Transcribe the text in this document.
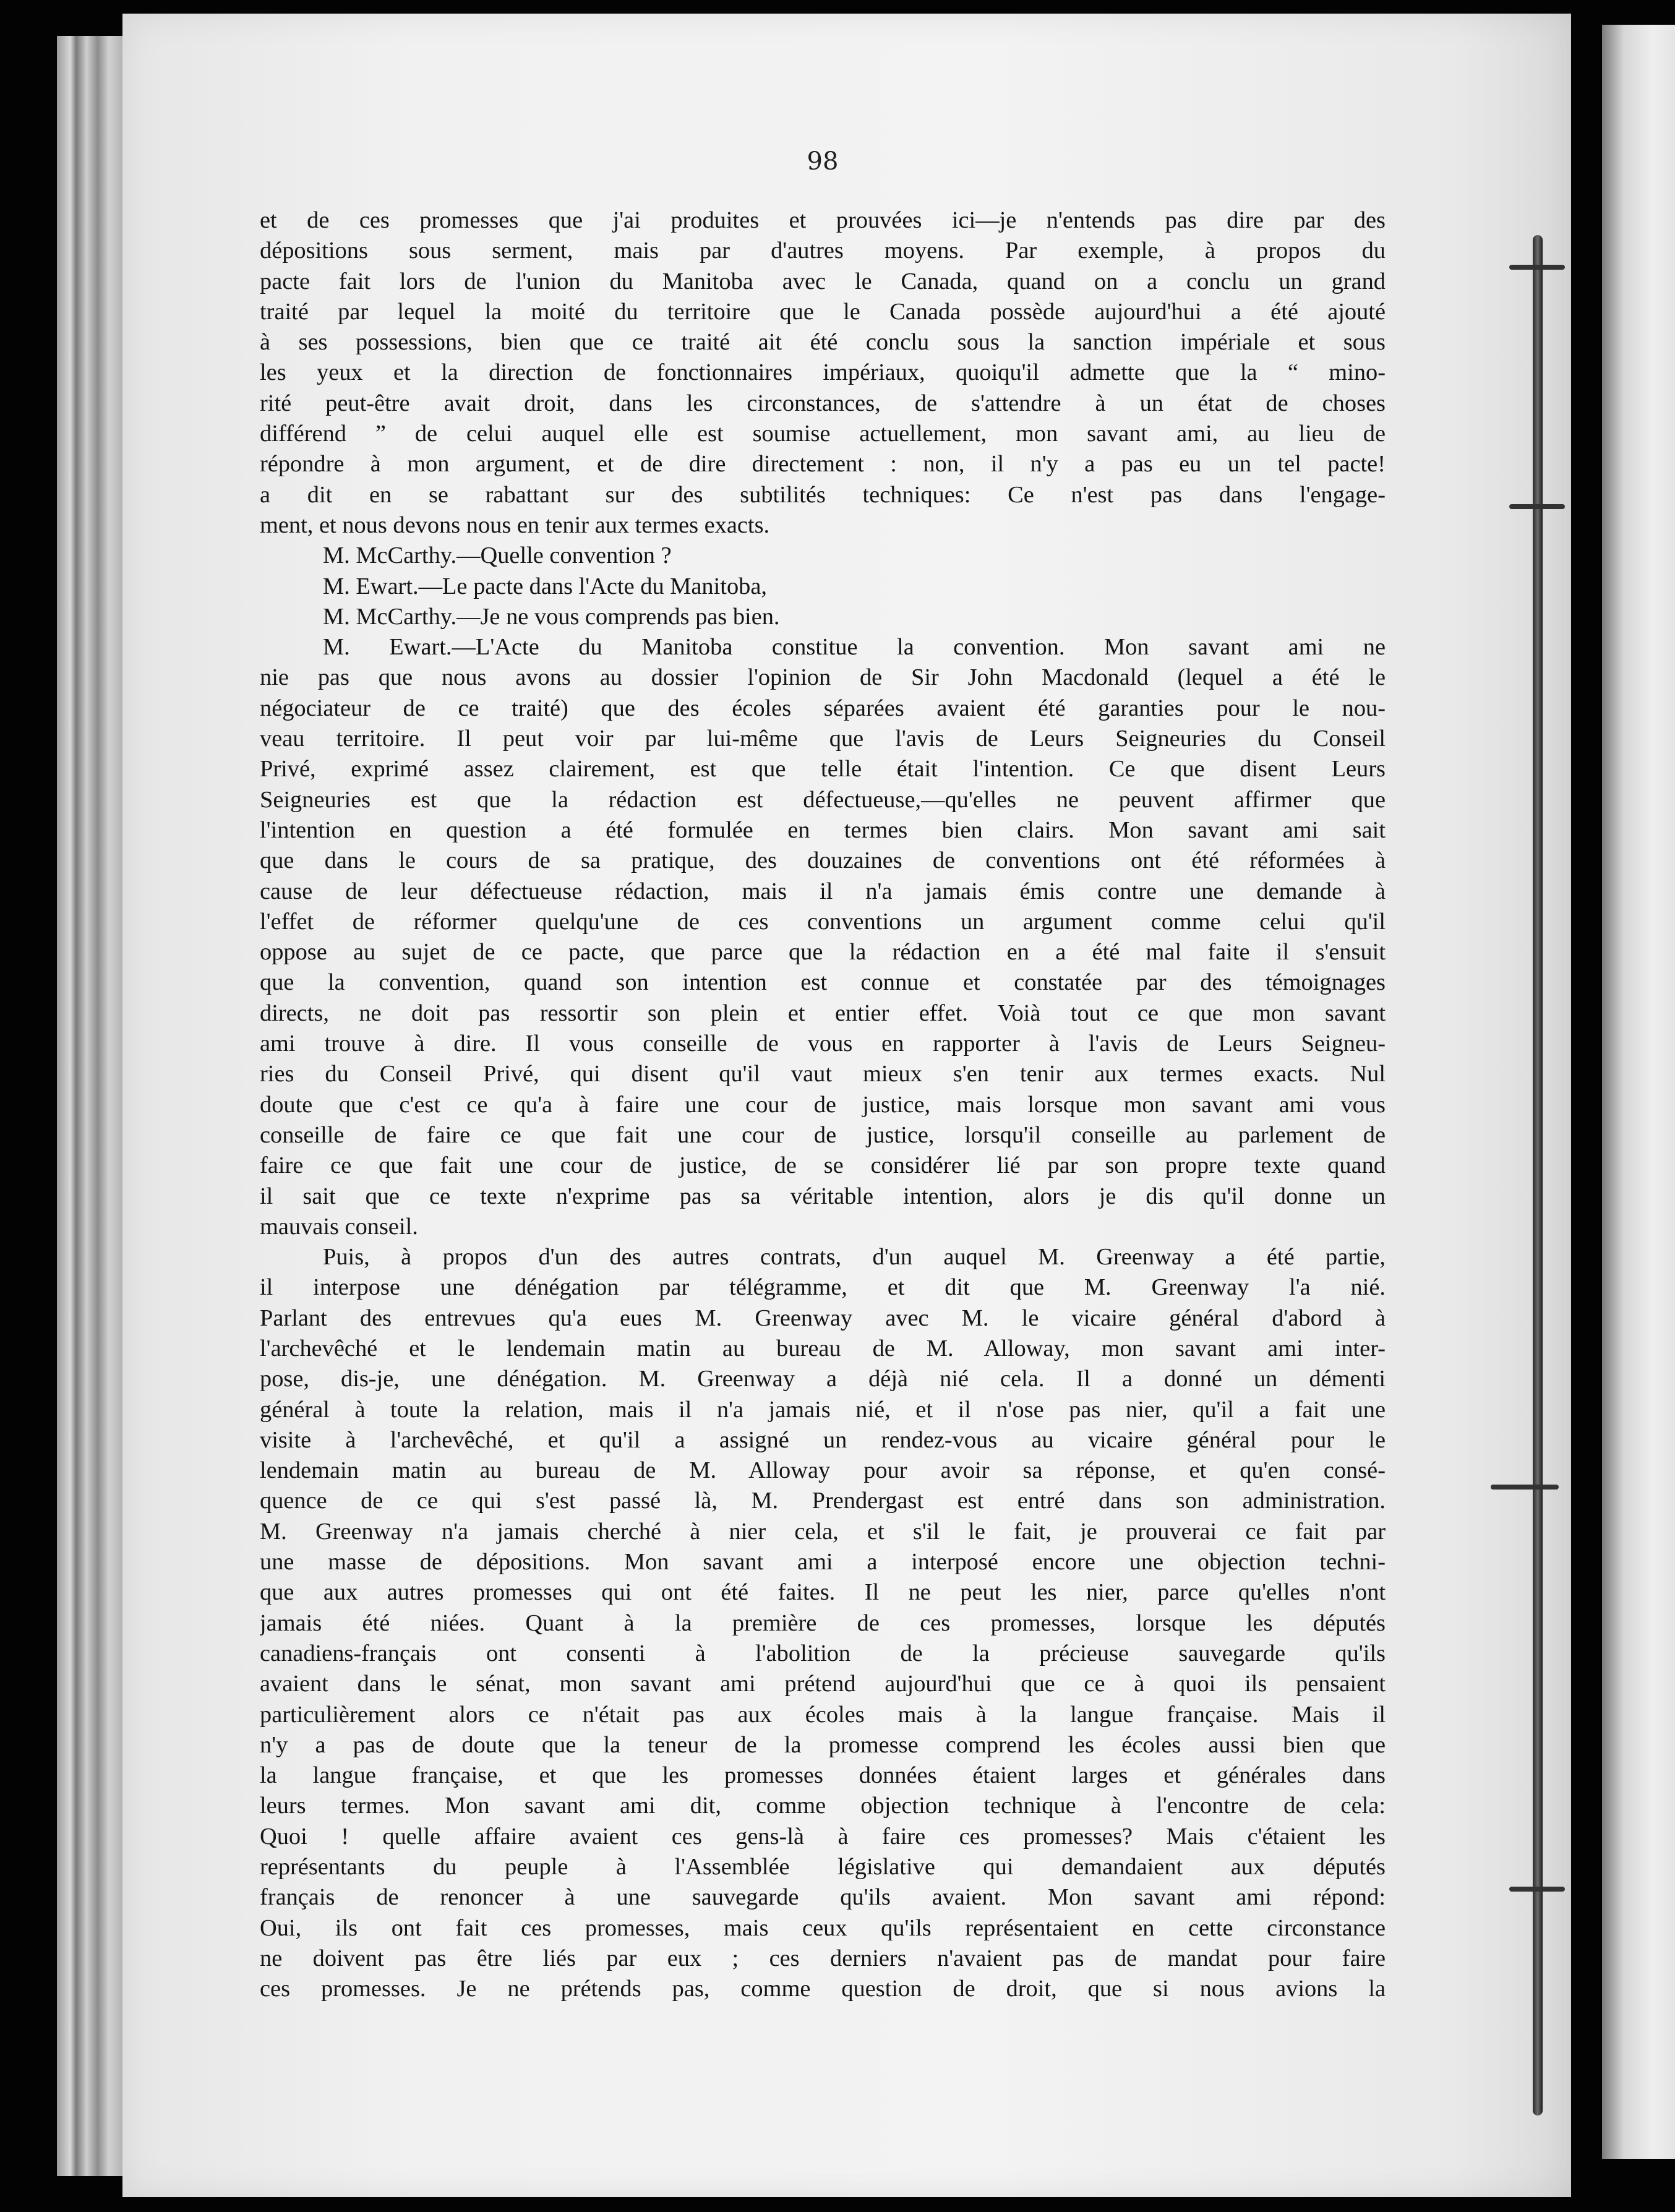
98
et de ces promesses que j'ai produites et prouvées ici—je n'entends pas dire par des
dépositions sous serment, mais par d'autres moyens. Par exemple, à propos du
pacte fait lors de l'union du Manitoba avec le Canada, quand on a conclu un grand
traité par lequel la moité du territoire que le Canada possède aujourd'hui a été ajouté
à ses possessions, bien que ce traité ait été conclu sous la sanction impériale et sous
les yeux et la direction de fonctionnaires impériaux, quoiqu'il admette que la “ mino-
rité peut-être avait droit, dans les circonstances, de s'attendre à un état de choses
différend ” de celui auquel elle est soumise actuellement, mon savant ami, au lieu de
répondre à mon argument, et de dire directement : non, il n'y a pas eu un tel pacte!
a dit en se rabattant sur des subtilités techniques: Ce n'est pas dans l'engage-
ment, et nous devons nous en tenir aux termes exacts.
M. McCarthy.—Quelle convention ?
M. Ewart.—Le pacte dans l'Acte du Manitoba,
M. McCarthy.—Je ne vous comprends pas bien.
M. Ewart.—L'Acte du Manitoba constitue la convention. Mon savant ami ne
nie pas que nous avons au dossier l'opinion de Sir John Macdonald (lequel a été le
négociateur de ce traité) que des écoles séparées avaient été garanties pour le nou-
veau territoire. Il peut voir par lui-même que l'avis de Leurs Seigneuries du Conseil
Privé, exprimé assez clairement, est que telle était l'intention. Ce que disent Leurs
Seigneuries est que la rédaction est défectueuse,—qu'elles ne peuvent affirmer que
l'intention en question a été formulée en termes bien clairs. Mon savant ami sait
que dans le cours de sa pratique, des douzaines de conventions ont été réformées à
cause de leur défectueuse rédaction, mais il n'a jamais émis contre une demande à
l'effet de réformer quelqu'une de ces conventions un argument comme celui qu'il
oppose au sujet de ce pacte, que parce que la rédaction en a été mal faite il s'ensuit
que la convention, quand son intention est connue et constatée par des témoignages
directs, ne doit pas ressortir son plein et entier effet. Voià tout ce que mon savant
ami trouve à dire. Il vous conseille de vous en rapporter à l'avis de Leurs Seigneu-
ries du Conseil Privé, qui disent qu'il vaut mieux s'en tenir aux termes exacts. Nul
doute que c'est ce qu'a à faire une cour de justice, mais lorsque mon savant ami vous
conseille de faire ce que fait une cour de justice, lorsqu'il conseille au parlement de
faire ce que fait une cour de justice, de se considérer lié par son propre texte quand
il sait que ce texte n'exprime pas sa véritable intention, alors je dis qu'il donne un
mauvais conseil.
Puis, à propos d'un des autres contrats, d'un auquel M. Greenway a été partie,
il interpose une dénégation par télégramme, et dit que M. Greenway l'a nié.
Parlant des entrevues qu'a eues M. Greenway avec M. le vicaire général d'abord à
l'archevêché et le lendemain matin au bureau de M. Alloway, mon savant ami inter-
pose, dis-je, une dénégation. M. Greenway a déjà nié cela. Il a donné un démenti
général à toute la relation, mais il n'a jamais nié, et il n'ose pas nier, qu'il a fait une
visite à l'archevêché, et qu'il a assigné un rendez-vous au vicaire général pour le
lendemain matin au bureau de M. Alloway pour avoir sa réponse, et qu'en consé-
quence de ce qui s'est passé là, M. Prendergast est entré dans son administration.
M. Greenway n'a jamais cherché à nier cela, et s'il le fait, je prouverai ce fait par
une masse de dépositions. Mon savant ami a interposé encore une objection techni-
que aux autres promesses qui ont été faites. Il ne peut les nier, parce qu'elles n'ont
jamais été niées. Quant à la première de ces promesses, lorsque les députés
canadiens-français ont consenti à l'abolition de la précieuse sauvegarde qu'ils
avaient dans le sénat, mon savant ami prétend aujourd'hui que ce à quoi ils pensaient
particulièrement alors ce n'était pas aux écoles mais à la langue française. Mais il
n'y a pas de doute que la teneur de la promesse comprend les écoles aussi bien que
la langue française, et que les promesses données étaient larges et générales dans
leurs termes. Mon savant ami dit, comme objection technique à l'encontre de cela:
Quoi ! quelle affaire avaient ces gens-là à faire ces promesses? Mais c'étaient les
représentants du peuple à l'Assemblée législative qui demandaient aux députés
français de renoncer à une sauvegarde qu'ils avaient. Mon savant ami répond:
Oui, ils ont fait ces promesses, mais ceux qu'ils représentaient en cette circonstance
ne doivent pas être liés par eux ; ces derniers n'avaient pas de mandat pour faire
ces promesses. Je ne prétends pas, comme question de droit, que si nous avions la
